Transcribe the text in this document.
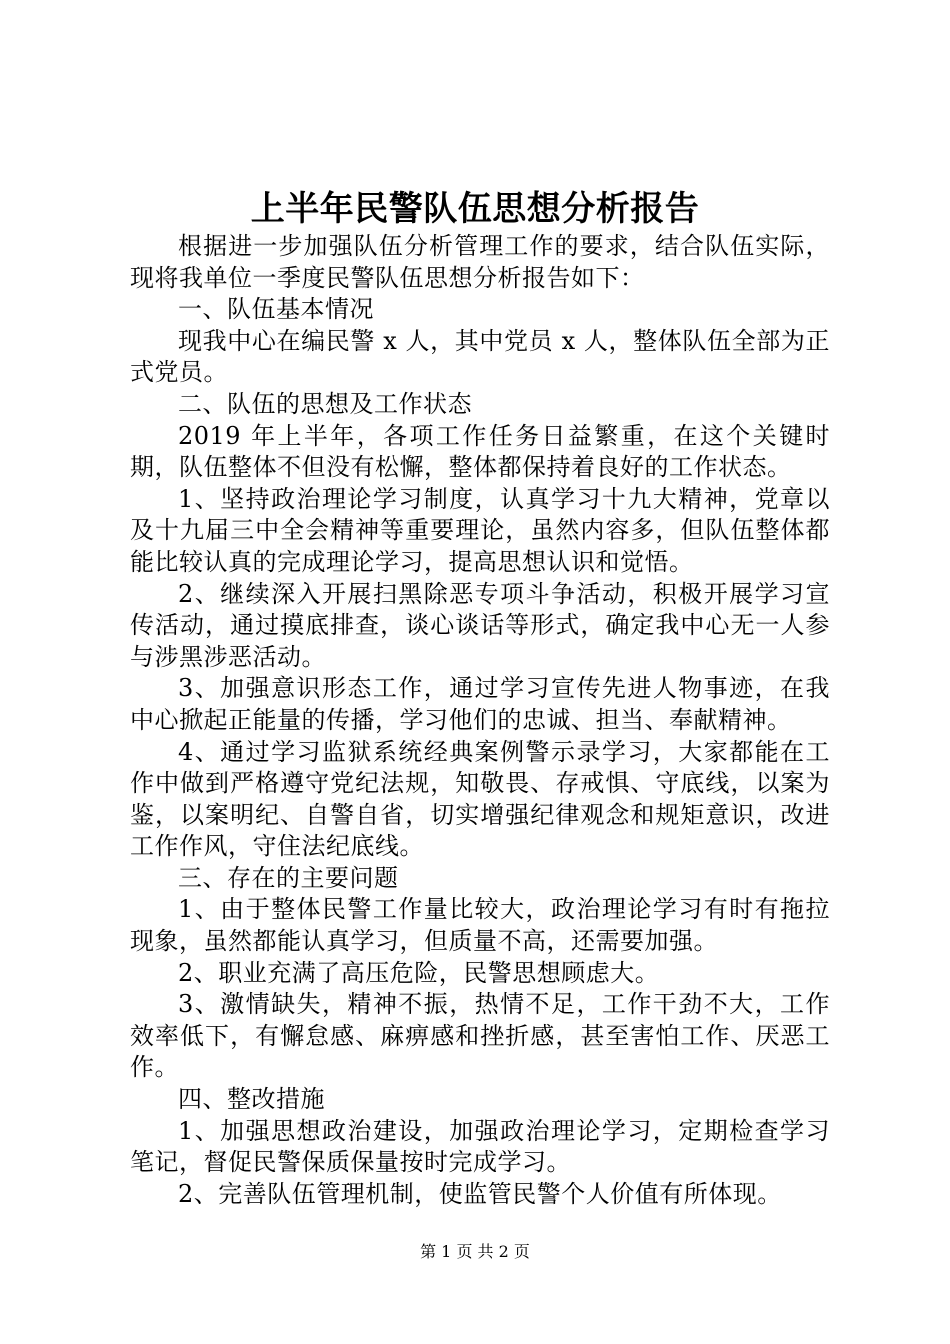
上半年民警队伍思想分析报告

根据进一步加强队伍分析管理工作的要求，结合队伍实际，现将我单位一季度民警队伍思想分析报告如下：

一、队伍基本情况

现我中心在编民警 x 人，其中党员 x 人，整体队伍全部为正式党员。

二、队伍的思想及工作状态

2019 年上半年，各项工作任务日益繁重，在这个关键时期，队伍整体不但没有松懈，整体都保持着良好的工作状态。

1、坚持政治理论学习制度，认真学习十九大精神，党章以及十九届三中全会精神等重要理论，虽然内容多，但队伍整体都能比较认真的完成理论学习，提高思想认识和觉悟。

2、继续深入开展扫黑除恶专项斗争活动，积极开展学习宣传活动，通过摸底排查，谈心谈话等形式，确定我中心无一人参与涉黑涉恶活动。

3、加强意识形态工作，通过学习宣传先进人物事迹，在我中心掀起正能量的传播，学习他们的忠诚、担当、奉献精神。

4、通过学习监狱系统经典案例警示录学习，大家都能在工作中做到严格遵守党纪法规，知敬畏、存戒惧、守底线，以案为鉴，以案明纪、自警自省，切实增强纪律观念和规矩意识，改进工作作风，守住法纪底线。

三、存在的主要问题

1、由于整体民警工作量比较大，政治理论学习有时有拖拉现象，虽然都能认真学习，但质量不高，还需要加强。

2、职业充满了高压危险，民警思想顾虑大。

3、激情缺失，精神不振，热情不足，工作干劲不大，工作效率低下，有懈怠感、麻痹感和挫折感，甚至害怕工作、厌恶工作。

四、整改措施

1、加强思想政治建设，加强政治理论学习，定期检查学习笔记，督促民警保质保量按时完成学习。

2、完善队伍管理机制，使监管民警个人价值有所体现。

第 1 页 共 2 页
